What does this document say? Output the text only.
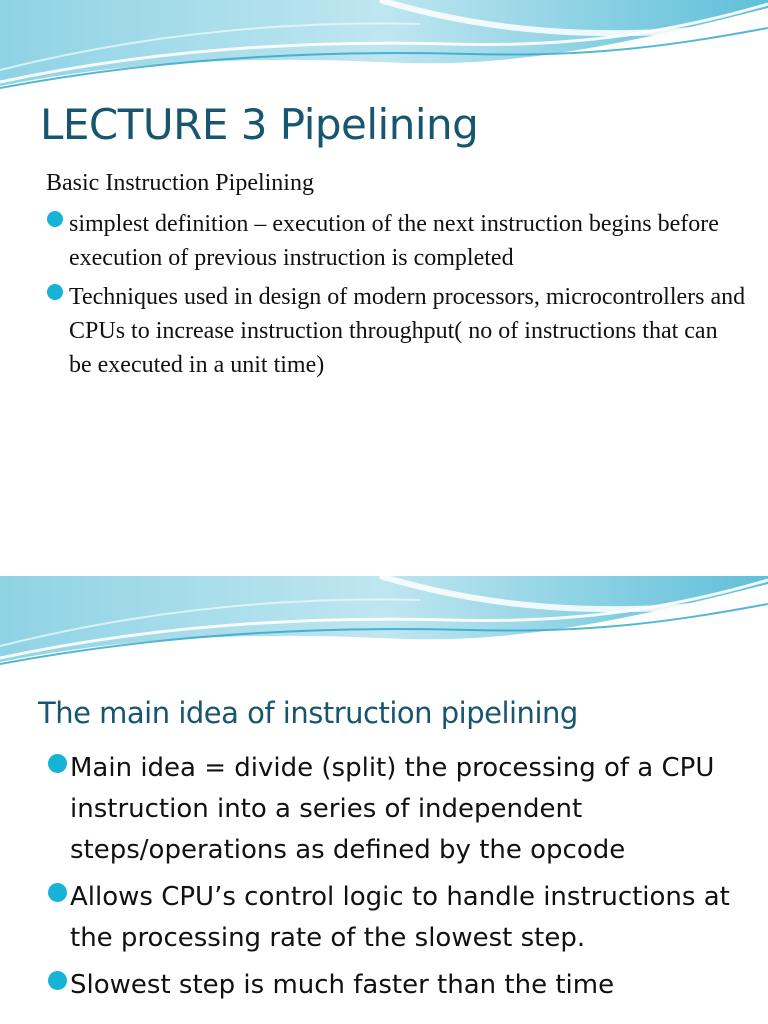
LECTURE 3 Pipelining
Basic Instruction Pipelining
simplest definition – execution of the next instruction begins before execution of previous instruction is completed
Techniques used in design of modern processors, microcontrollers and CPUs to increase instruction throughput( no of instructions that can be executed in a unit time)
The main idea of instruction pipelining
Main idea = divide (split) the processing of a CPU instruction into a series of independent steps/operations as defined by the opcode
Allows CPU’s control logic to handle instructions at the processing rate of the slowest step.
Slowest step is much faster than the time
